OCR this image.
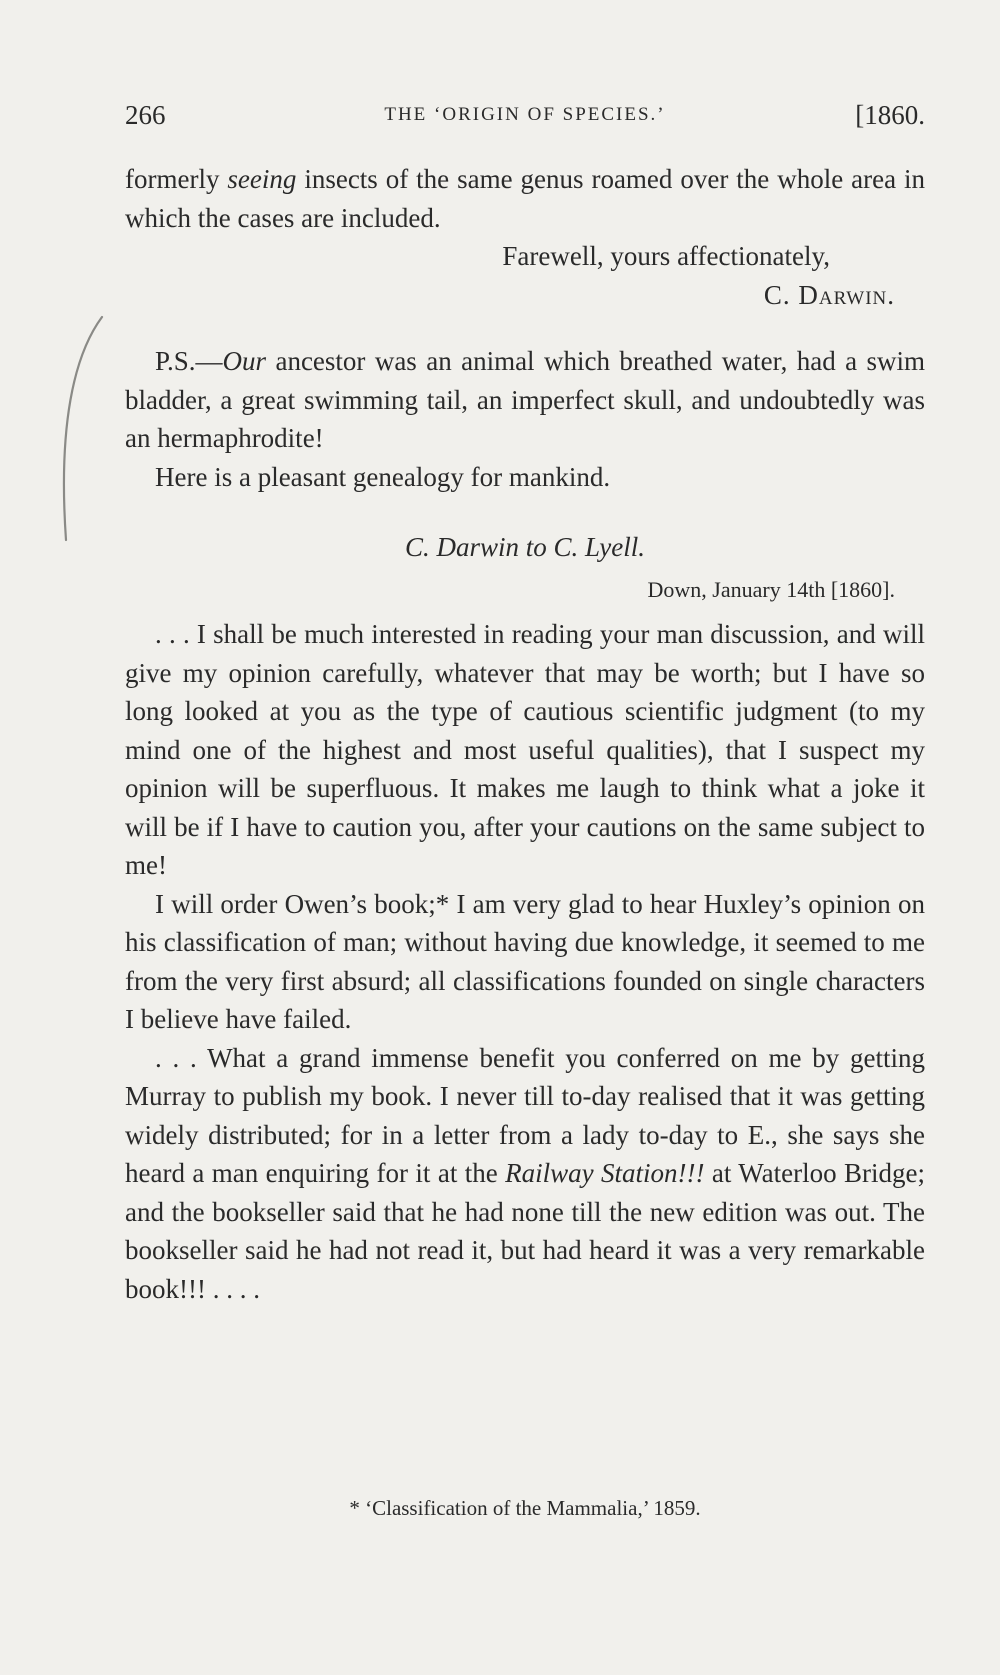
266	THE ‘ORIGIN OF SPECIES.’	[1860.

formerly seeing insects of the same genus roamed over the whole area in which the cases are included.

Farewell, yours affectionately,

C. Darwin.

P.S.—Our ancestor was an animal which breathed water, had a swim bladder, a great swimming tail, an imperfect skull, and undoubtedly was an hermaphrodite!

Here is a pleasant genealogy for mankind.

C. Darwin to C. Lyell.

Down, January 14th [1860].

. . . I shall be much interested in reading your man discussion, and will give my opinion carefully, whatever that may be worth; but I have so long looked at you as the type of cautious scientific judgment (to my mind one of the highest and most useful qualities), that I suspect my opinion will be superfluous. It makes me laugh to think what a joke it will be if I have to caution you, after your cautions on the same subject to me!

I will order Owen’s book;* I am very glad to hear Huxley’s opinion on his classification of man; without having due knowledge, it seemed to me from the very first absurd; all classifications founded on single characters I believe have failed.

. . . What a grand immense benefit you conferred on me by getting Murray to publish my book. I never till to-day realised that it was getting widely distributed; for in a letter from a lady to-day to E., she says she heard a man enquiring for it at the Railway Station!!! at Waterloo Bridge; and the bookseller said that he had none till the new edition was out. The bookseller said he had not read it, but had heard it was a very remarkable book!!! . . . .

* ‘Classification of the Mammalia,’ 1859.
